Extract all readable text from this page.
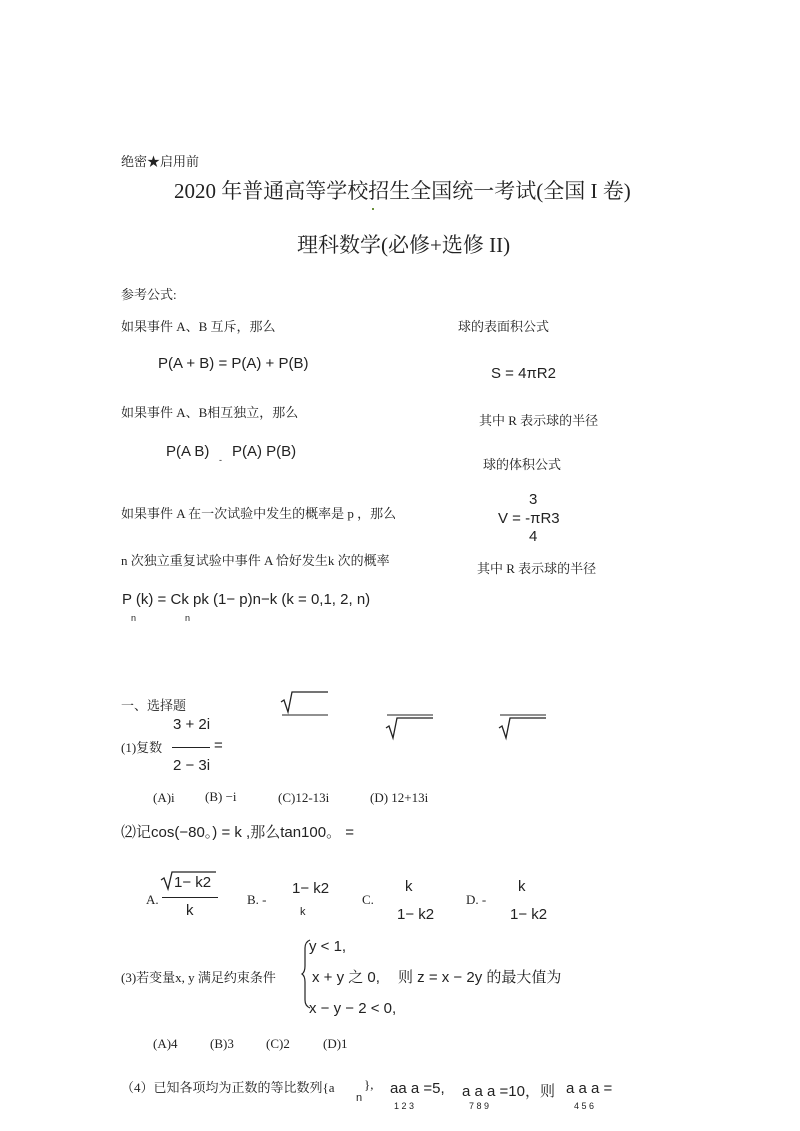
绝密★启用前
2020 年普通高等学校招生全国统一考试(全国 I 卷)
理科数学(必修+选修 II)
参考公式:
如果事件 A、B 互斥，那么
P(A + B) = P(A) + P(B)
如果事件 A、B相互独立，那么
P(A B) - P(A) P(B)
如果事件 A 在一次试验中发生的概率是 p ，那么
n 次独立重复试验中事件 A 恰好发生k 次的概率
P (k) = Ck pk (1− p)n−k (k = 0,1, 2, n)
n	n
球的表面积公式
S = 4πR2
其中 R 表示球的半径
球的体积公式
3
V = -πR3
4
其中 R 表示球的半径
一、选择题
3 + 2i
(1)复数	=
2 − 3i
(A)i (B) −i	(C)12-13i	(D) 12+13i
⑵记cos(−80。) = k ,那么tan100。 =
A.
1− k2
k
B. -
1− k2
k
C.
k
1− k2
D. -
k
1− k2
y < 1,
(3)若变量x, y 满足约束条件 x + y 之 0, 则 z = x − 2y 的最大值为
x − y − 2 < 0,
(A)4 (B)3 (C)2	(D)1
（4）已知各项均为正数的等比数列{a
n
}, aa a =5,
1 2 3
a a a =10，则
7 8 9
a a a =
4 5 6
